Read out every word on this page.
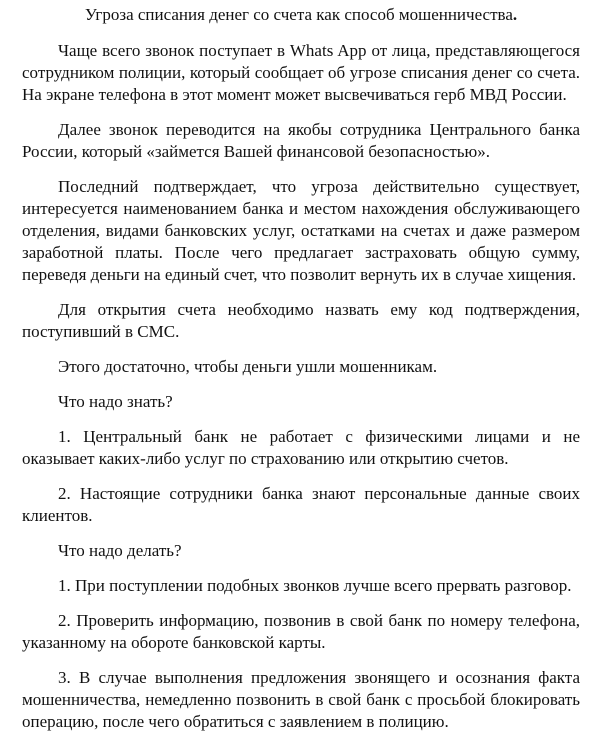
Угроза списания денег со счета как способ мошенничества.

Чаще всего звонок поступает в Whats App от лица, представляющегося сотрудником полиции, который сообщает об угрозе списания денег со счета. На экране телефона в этот момент может высвечиваться герб МВД России.

Далее звонок переводится на якобы сотрудника Центрального банка России, который «займется Вашей финансовой безопасностью».

Последний подтверждает, что угроза действительно существует, интересуется наименованием банка и местом нахождения обслуживающего отделения, видами банковских услуг, остатками на счетах и даже размером заработной платы. После чего предлагает застраховать общую сумму, переведя деньги на единый счет, что позволит вернуть их в случае хищения.

Для открытия счета необходимо назвать ему код подтверждения, поступивший в СМС.

Этого достаточно, чтобы деньги ушли мошенникам.

Что надо знать?

1. Центральный банк не работает с физическими лицами и не оказывает каких-либо услуг по страхованию или открытию счетов.

2. Настоящие сотрудники банка знают персональные данные своих клиентов.

Что надо делать?

1. При поступлении подобных звонков лучше всего прервать разговор.

2. Проверить информацию, позвонив в свой банк по номеру телефона, указанному на обороте банковской карты.

3. В случае выполнения предложения звонящего и осознания факта мошенничества, немедленно позвонить в свой банк с просьбой блокировать операцию, после чего обратиться с заявлением в полицию.
